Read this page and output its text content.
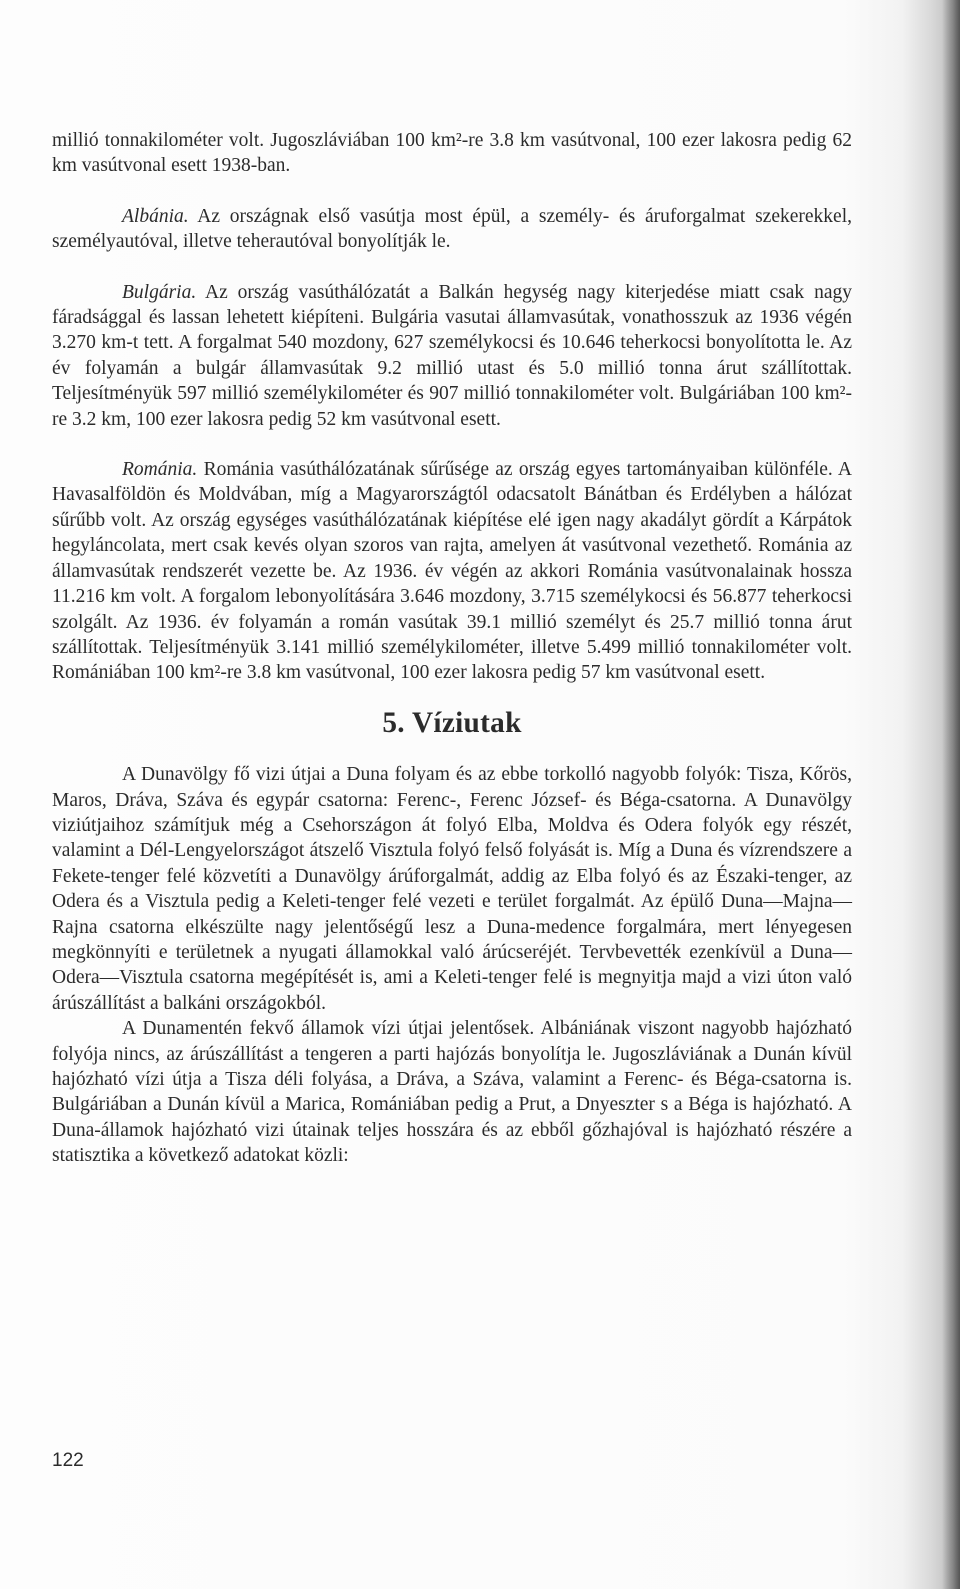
millió tonnakilométer volt. Jugoszláviában 100 km²-re 3.8 km vasútvonal, 100 ezer lakosra pedig 62 km vasútvonal esett 1938-ban.

Albánia. Az országnak első vasútja most épül, a személy- és áruforgalmat szekerekkel, személyautóval, illetve teherautóval bonyolítják le.

Bulgária. Az ország vasúthálózatát a Balkán hegység nagy kiterjedése miatt csak nagy fáradsággal és lassan lehetett kiépíteni. Bulgária vasutai államvasútak, vonathosszuk az 1936 végén 3.270 km-t tett. A forgalmat 540 mozdony, 627 személykocsi és 10.646 teherkocsi bonyolította le. Az év folyamán a bulgár államvasútak 9.2 millió utast és 5.0 millió tonna árut szállítottak. Teljesítményük 597 millió személykilométer és 907 millió tonnakilométer volt. Bulgáriában 100 km²-re 3.2 km, 100 ezer lakosra pedig 52 km vasútvonal esett.

Románia. Románia vasúthálózatának sűrűsége az ország egyes tartományaiban különféle. A Havasalföldön és Moldvában, míg a Magyarországtól odacsatolt Bánátban és Erdélyben a hálózat sűrűbb volt. Az ország egységes vasúthálózatának kiépítése elé igen nagy akadályt gördít a Kárpátok hegyláncolata, mert csak kevés olyan szoros van rajta, amelyen át vasútvonal vezethető. Románia az államvasútak rendszerét vezette be. Az 1936. év végén az akkori Románia vasútvonalainak hossza 11.216 km volt. A forgalom lebonyolítására 3.646 mozdony, 3.715 személykocsi és 56.877 teherkocsi szolgált. Az 1936. év folyamán a román vasútak 39.1 millió személyt és 25.7 millió tonna árut szállítottak. Teljesítményük 3.141 millió személykilométer, illetve 5.499 millió tonnakilométer volt. Romániában 100 km²-re 3.8 km vasútvonal, 100 ezer lakosra pedig 57 km vasútvonal esett.

5. Víziutak

A Dunavölgy fő vizi útjai a Duna folyam és az ebbe torkolló nagyobb folyók: Tisza, Kőrös, Maros, Dráva, Száva és egypár csatorna: Ferenc-, Ferenc József- és Béga-csatorna. A Dunavölgy viziútjaihoz számítjuk még a Csehországon át folyó Elba, Moldva és Odera folyók egy részét, valamint a Dél-Lengyelországot átszelő Visztula folyó felső folyását is. Míg a Duna és vízrendszere a Fekete-tenger felé közvetíti a Dunavölgy árúforgalmát, addig az Elba folyó és az Északi-tenger, az Odera és a Visztula pedig a Keleti-tenger felé vezeti e terület forgalmát. Az épülő Duna—Majna—Rajna csatorna elkészülte nagy jelentőségű lesz a Duna-medence forgalmára, mert lényegesen megkönnyíti e területnek a nyugati államokkal való árúcseréjét. Tervbevették ezenkívül a Duna—Odera—Visztula csatorna megépítését is, ami a Keleti-tenger felé is megnyitja majd a vizi úton való árúszállítást a balkáni országokból.

A Dunamentén fekvő államok vízi útjai jelentősek. Albániának viszont nagyobb hajózható folyója nincs, az árúszállítást a tengeren a parti hajózás bonyolítja le. Jugoszláviának a Dunán kívül hajózható vízi útja a Tisza déli folyása, a Dráva, a Száva, valamint a Ferenc- és Béga-csatorna is. Bulgáriában a Dunán kívül a Marica, Romániában pedig a Prut, a Dnyeszter s a Béga is hajózható. A Duna-államok hajózható vizi útainak teljes hosszára és az ebből gőzhajóval is hajózható részére a statisztika a következő adatokat közli:

122
